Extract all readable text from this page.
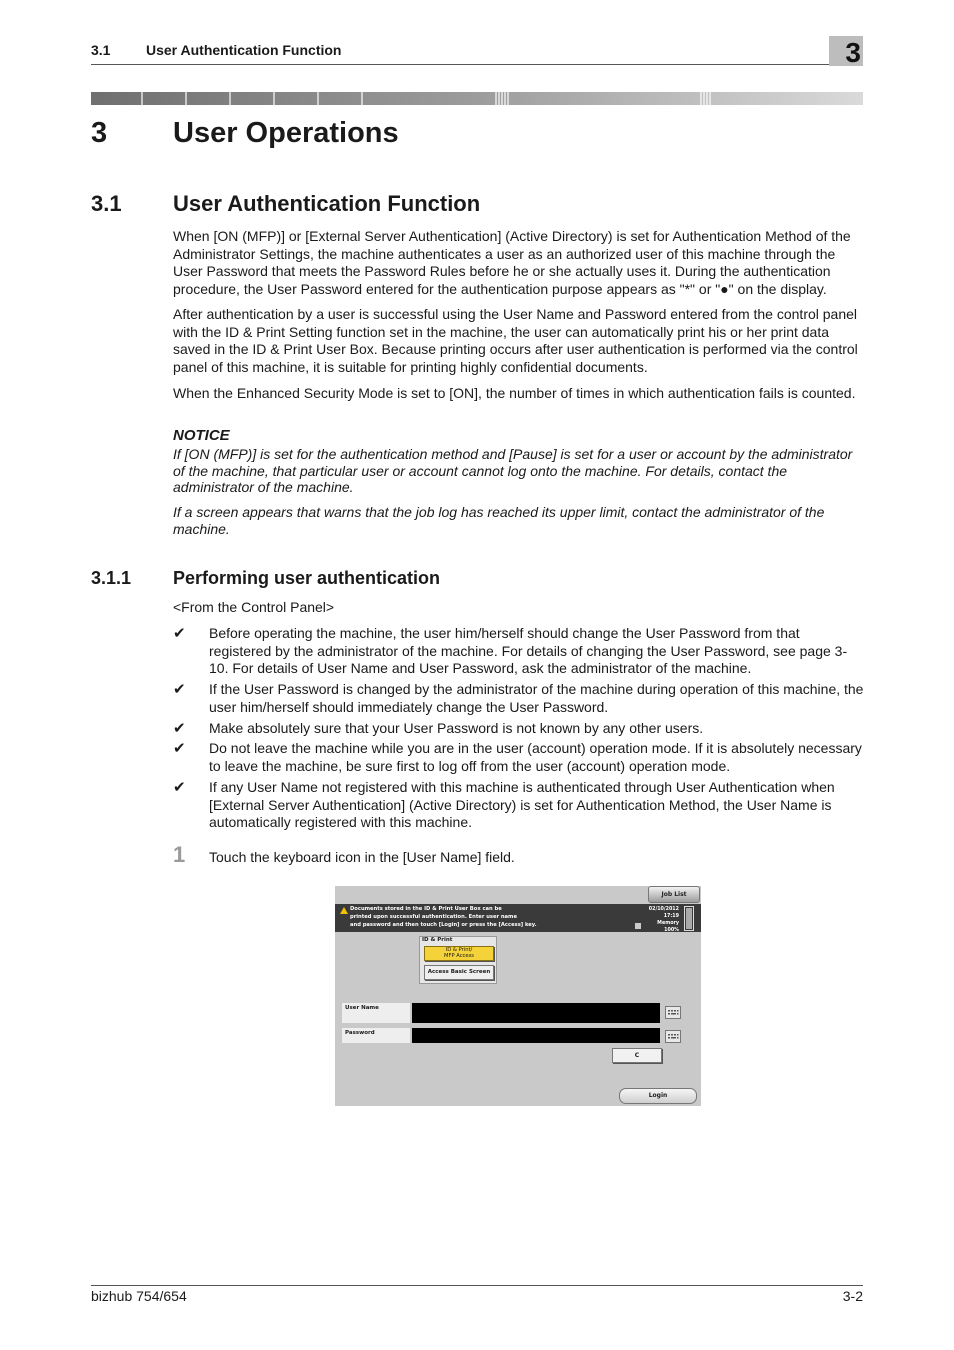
3.1	User Authentication Function	3
3 User Operations
3.1 User Authentication Function
When [ON (MFP)] or [External Server Authentication] (Active Directory) is set for Authentication Method of the Administrator Settings, the machine authenticates a user as an authorized user of this machine through the User Password that meets the Password Rules before he or she actually uses it. During the authentication procedure, the User Password entered for the authentication purpose appears as "*" or "●" on the display.
After authentication by a user is successful using the User Name and Password entered from the control panel with the ID & Print Setting function set in the machine, the user can automatically print his or her print data saved in the ID & Print User Box. Because printing occurs after user authentication is performed via the control panel of this machine, it is suitable for printing highly confidential documents.
When the Enhanced Security Mode is set to [ON], the number of times in which authentication fails is counted.
NOTICE
If [ON (MFP)] is set for the authentication method and [Pause] is set for a user or account by the administrator of the machine, that particular user or account cannot log onto the machine. For details, contact the administrator of the machine.
If a screen appears that warns that the job log has reached its upper limit, contact the administrator of the machine.
3.1.1 Performing user authentication
<From the Control Panel>
✔ Before operating the machine, the user him/herself should change the User Password from that registered by the administrator of the machine. For details of changing the User Password, see page 3-10. For details of User Name and User Password, ask the administrator of the machine.
✔ If the User Password is changed by the administrator of the machine during operation of this machine, the user him/herself should immediately change the User Password.
✔ Make absolutely sure that your User Password is not known by any other users.
✔ Do not leave the machine while you are in the user (account) operation mode. If it is absolutely necessary to leave the machine, be sure first to log off from the user (account) operation mode.
✔ If any User Name not registered with this machine is authenticated through User Authentication when [External Server Authentication] (Active Directory) is set for Authentication Method, the User Name is automatically registered with this machine.
1 Touch the keyboard icon in the [User Name] field.
Job List
Documents stored in the ID & Print User Box can be
printed upon successful authentication. Enter user name
and password and then touch [Login] or press the [Access] key.
02/10/2012
17:19
Memory
100%
ID & Print
ID & Print/
MFP Access
Access Basic Screen
User Name
Password
C
Login
bizhub 754/654	3-2
